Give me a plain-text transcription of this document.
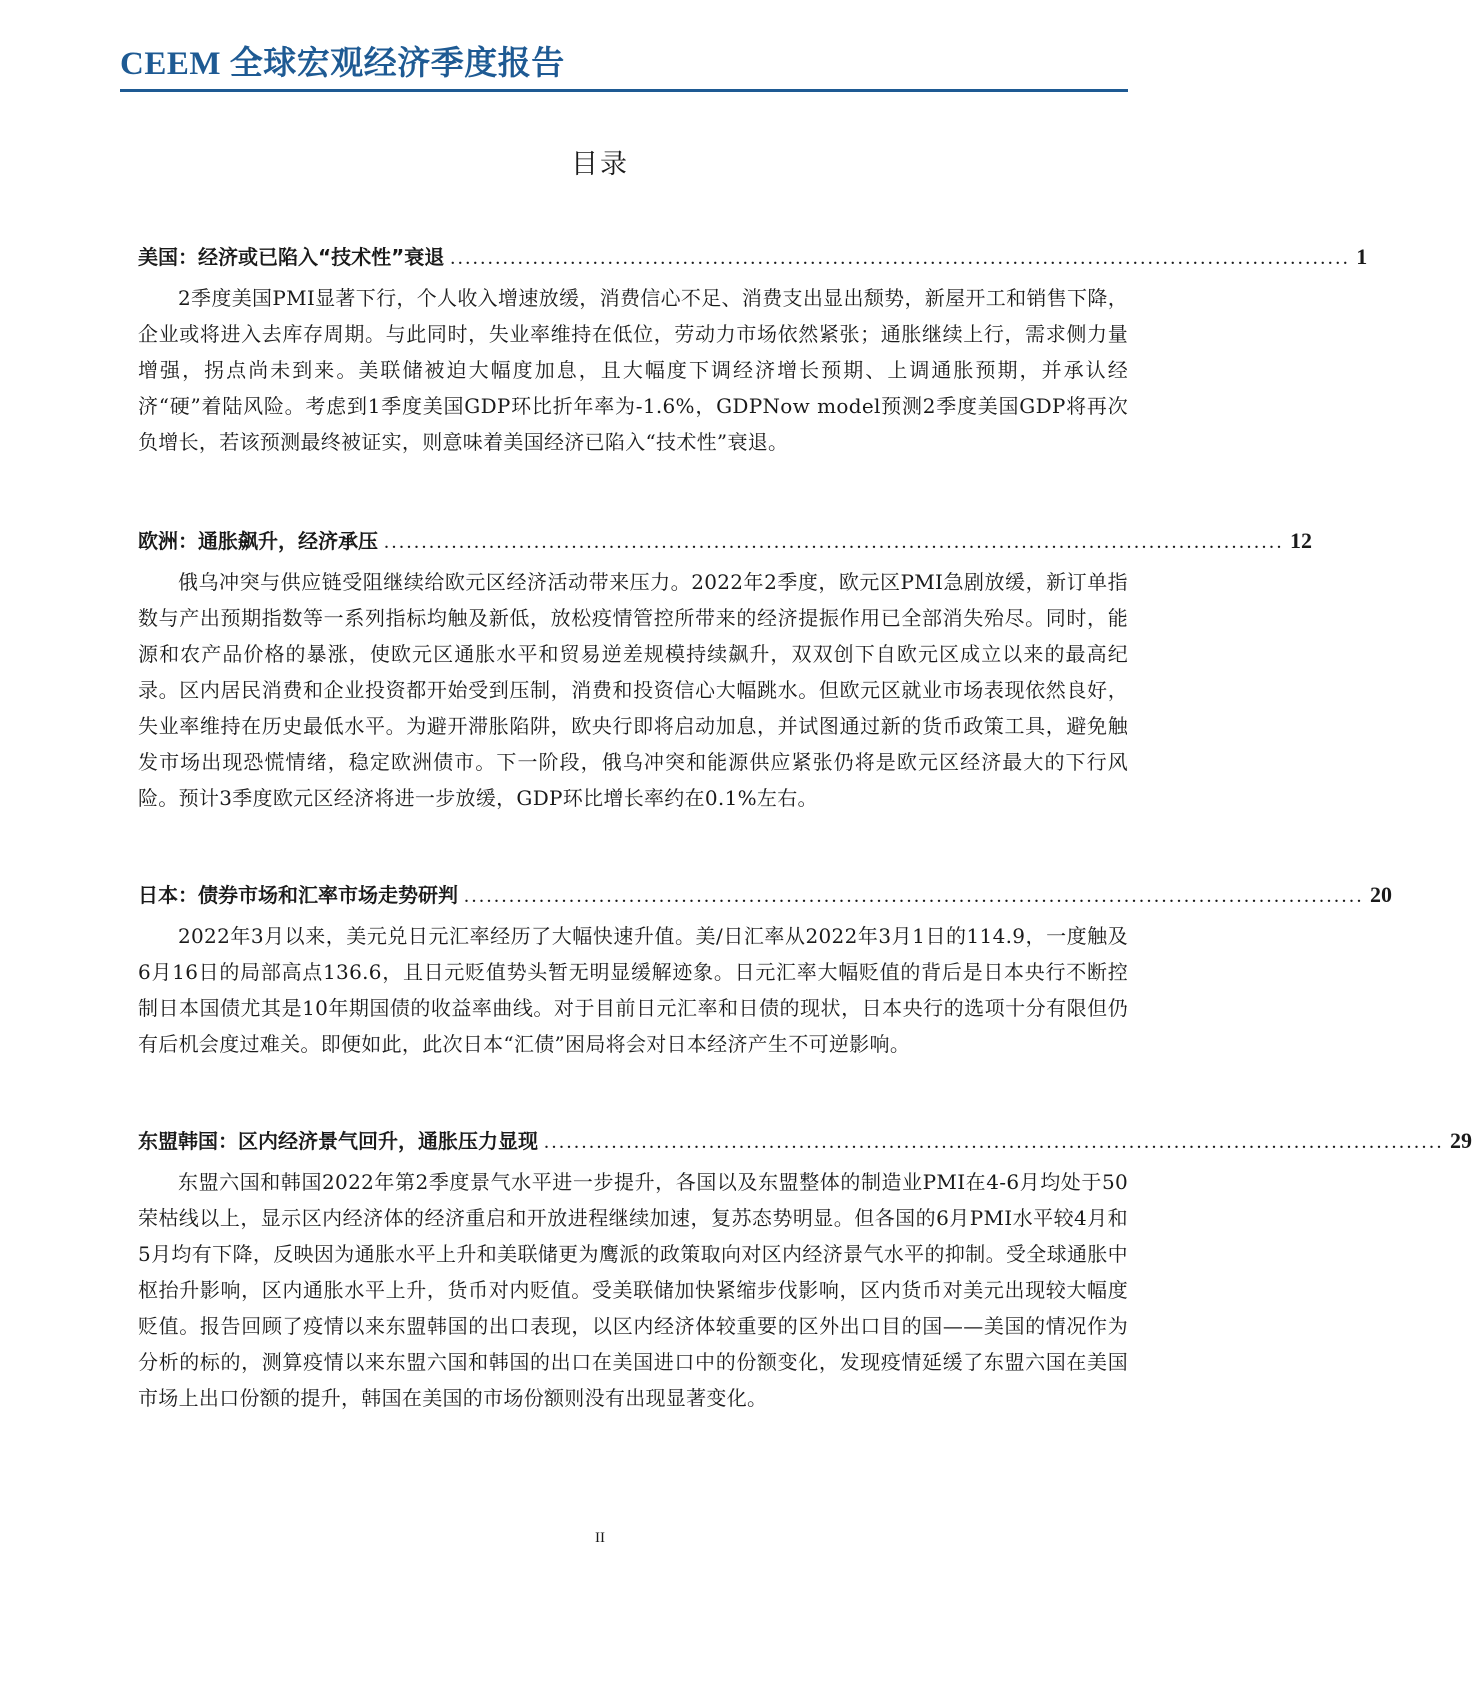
CEEM 全球宏观经济季度报告
目录
美国：经济或已陷入“技术性”衰退 ........................................................................................................................ 1

2季度美国PMI显著下行，个人收入增速放缓，消费信心不足、消费支出显出颓势，新屋开工和销售下降，企业或将进入去库存周期。与此同时，失业率维持在低位，劳动力市场依然紧张；通胀继续上行，需求侧力量增强，拐点尚未到来。美联储被迫大幅度加息，且大幅度下调经济增长预期、上调通胀预期，并承认经济“硬”着陆风险。考虑到1季度美国GDP环比折年率为-1.6%，GDPNow model预测2季度美国GDP将再次负增长，若该预测最终被证实，则意味着美国经济已陷入“技术性”衰退。

欧洲：通胀飙升，经济承压 ........................................................................................................................ 12

俄乌冲突与供应链受阻继续给欧元区经济活动带来压力。2022年2季度，欧元区PMI急剧放缓，新订单指数与产出预期指数等一系列指标均触及新低，放松疫情管控所带来的经济提振作用已全部消失殆尽。同时，能源和农产品价格的暴涨，使欧元区通胀水平和贸易逆差规模持续飙升，双双创下自欧元区成立以来的最高纪录。区内居民消费和企业投资都开始受到压制，消费和投资信心大幅跳水。但欧元区就业市场表现依然良好，失业率维持在历史最低水平。为避开滞胀陷阱，欧央行即将启动加息，并试图通过新的货币政策工具，避免触发市场出现恐慌情绪，稳定欧洲债市。下一阶段，俄乌冲突和能源供应紧张仍将是欧元区经济最大的下行风险。预计3季度欧元区经济将进一步放缓，GDP环比增长率约在0.1%左右。

日本：债券市场和汇率市场走势研判 ........................................................................................................................ 20

2022年3月以来，美元兑日元汇率经历了大幅快速升值。美/日汇率从2022年3月1日的114.9，一度触及6月16日的局部高点136.6，且日元贬值势头暂无明显缓解迹象。日元汇率大幅贬值的背后是日本央行不断控制日本国债尤其是10年期国债的收益率曲线。对于目前日元汇率和日债的现状，日本央行的选项十分有限但仍有后机会度过难关。即便如此，此次日本“汇债”困局将会对日本经济产生不可逆影响。

东盟韩国：区内经济景气回升，通胀压力显现 ........................................................................................................................ 29

东盟六国和韩国2022年第2季度景气水平进一步提升，各国以及东盟整体的制造业PMI在4-6月均处于50荣枯线以上，显示区内经济体的经济重启和开放进程继续加速，复苏态势明显。但各国的6月PMI水平较4月和5月均有下降，反映因为通胀水平上升和美联储更为鹰派的政策取向对区内经济景气水平的抑制。受全球通胀中枢抬升影响，区内通胀水平上升，货币对内贬值。受美联储加快紧缩步伐影响，区内货币对美元出现较大幅度贬值。报告回顾了疫情以来东盟韩国的出口表现，以区内经济体较重要的区外出口目的国——美国的情况作为分析的标的，测算疫情以来东盟六国和韩国的出口在美国进口中的份额变化，发现疫情延缓了东盟六国在美国市场上出口份额的提升，韩国在美国的市场份额则没有出现显著变化。

II
